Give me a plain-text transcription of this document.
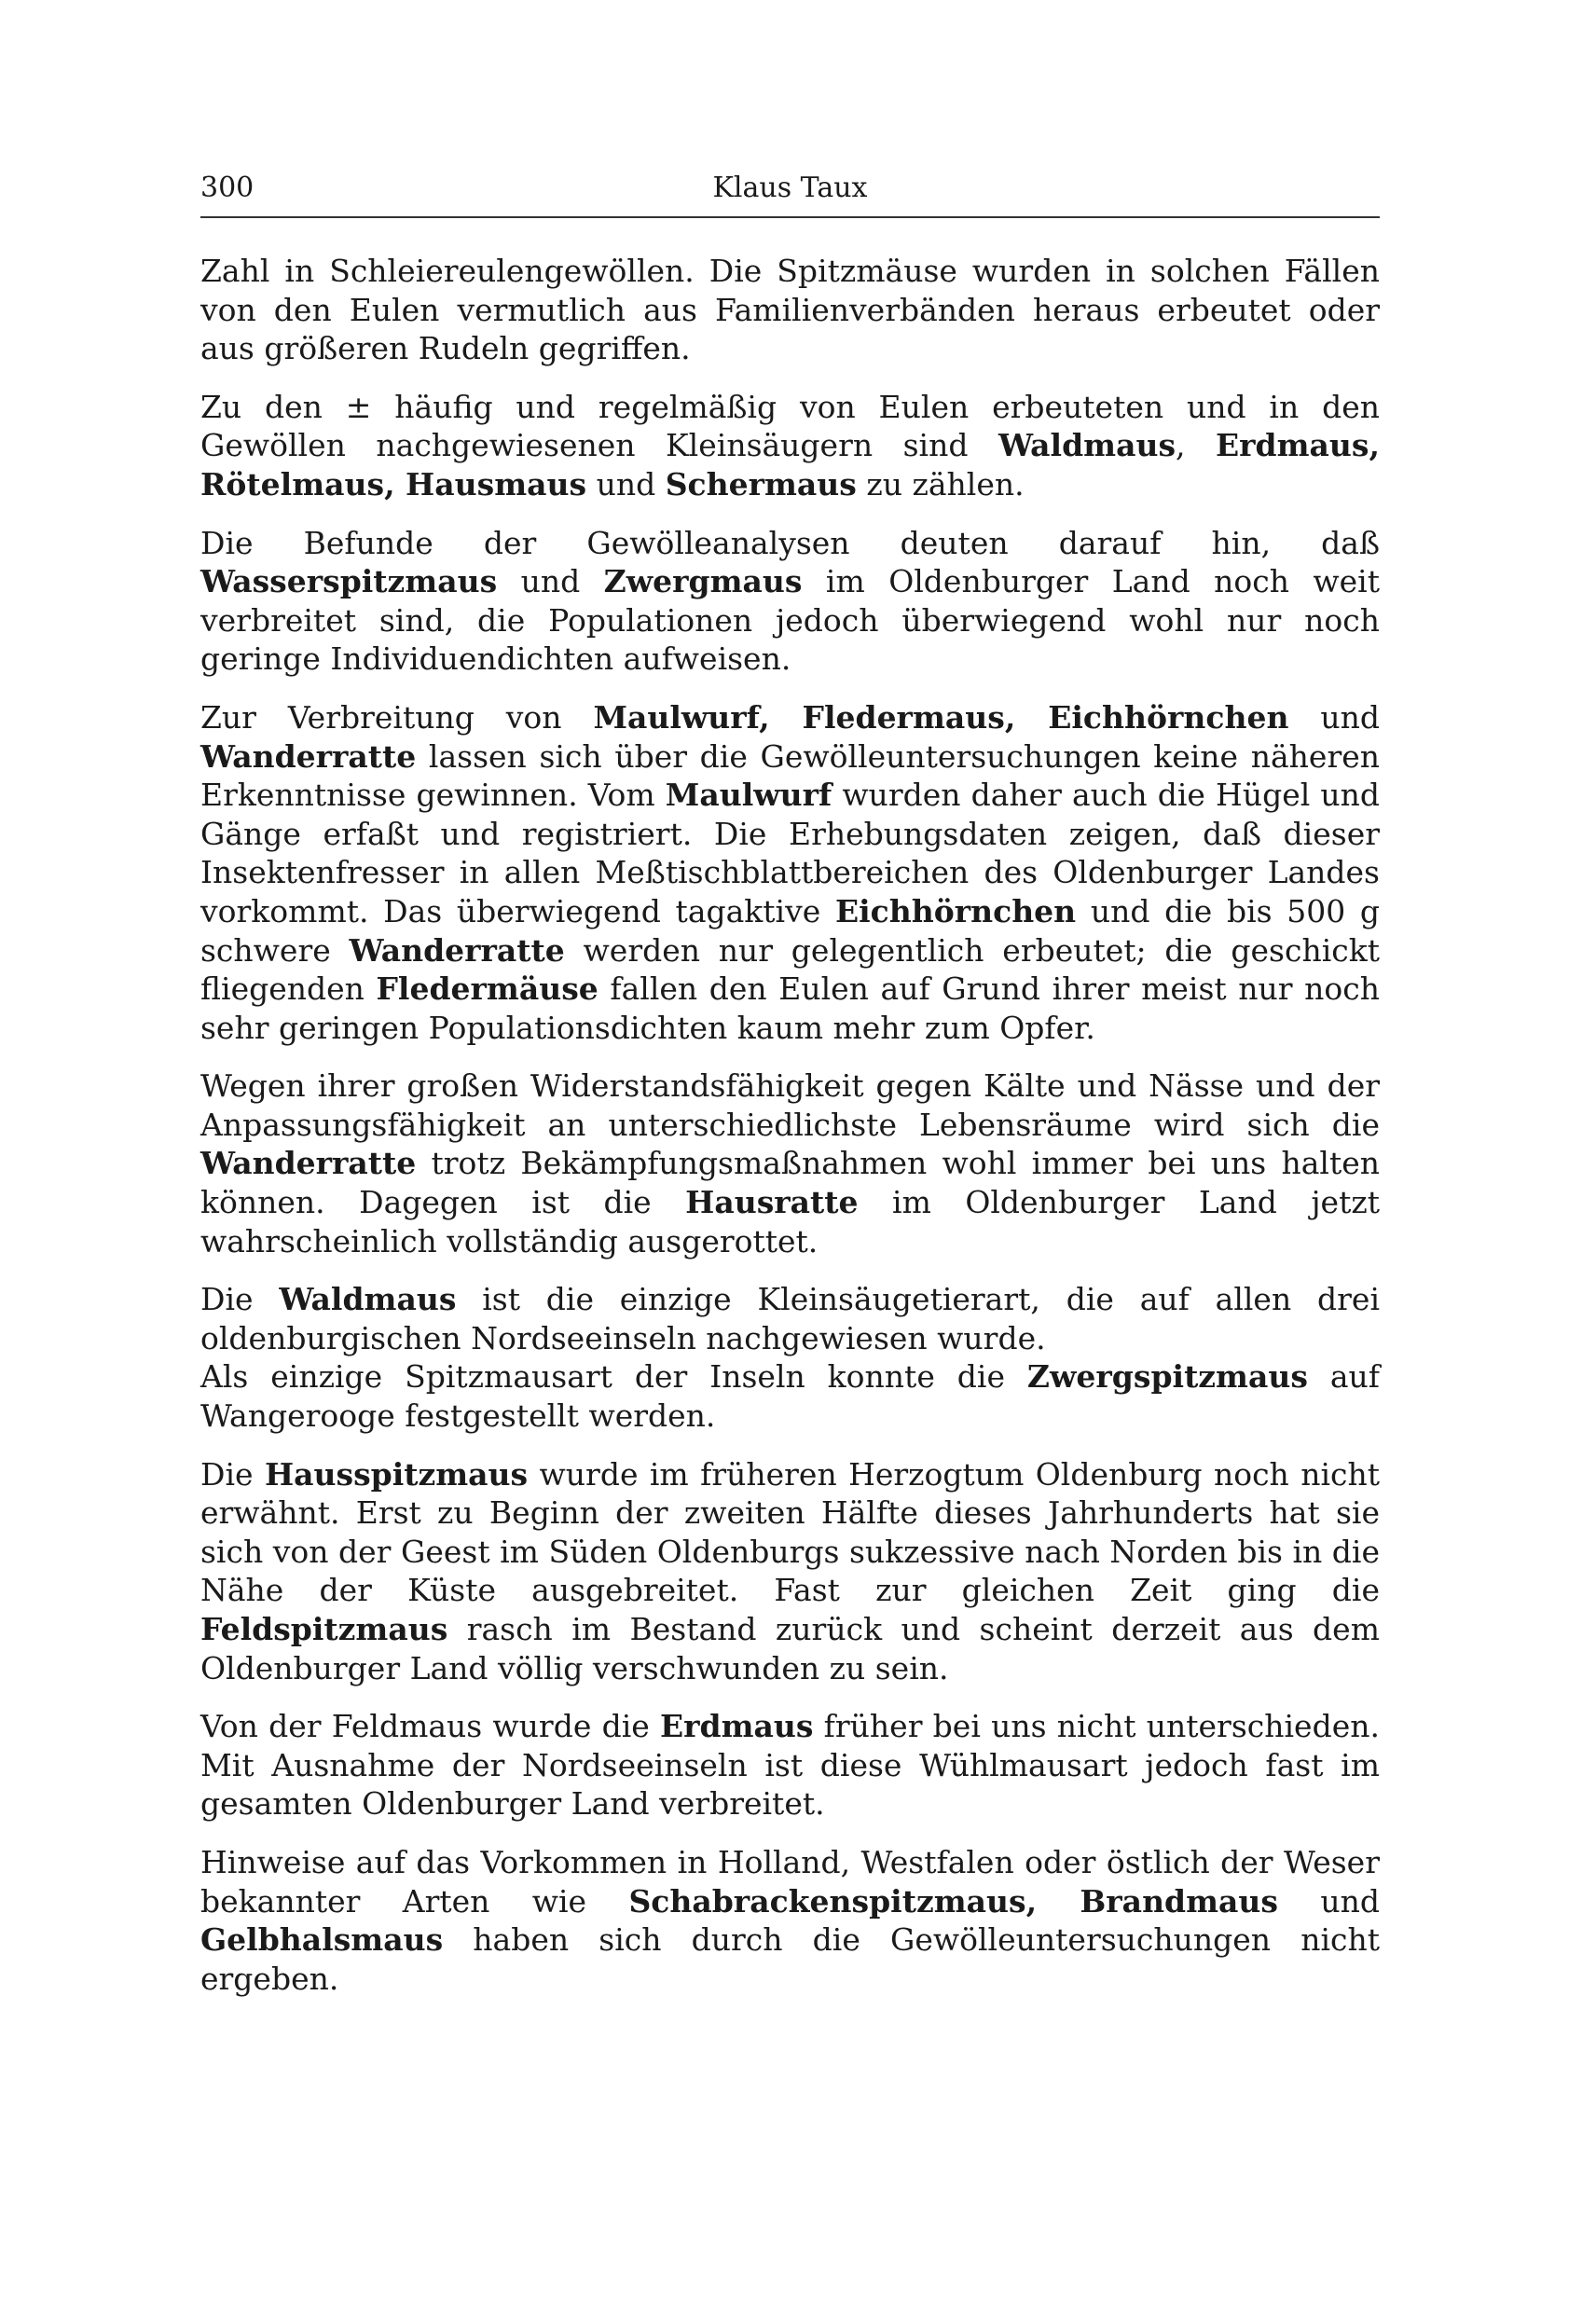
300	Klaus Taux

Zahl in Schleiereulengewöllen. Die Spitzmäuse wurden in solchen Fällen von den Eulen vermutlich aus Familienverbänden heraus erbeutet oder aus größeren Rudeln gegriffen.

Zu den ± häufig und regelmäßig von Eulen erbeuteten und in den Gewöllen nachgewiesenen Kleinsäugern sind Waldmaus, Erdmaus, Rötelmaus, Hausmaus und Schermaus zu zählen.

Die Befunde der Gewölleanalysen deuten darauf hin, daß Wasserspitzmaus und Zwergmaus im Oldenburger Land noch weit verbreitet sind, die Populationen jedoch überwiegend wohl nur noch geringe Individuendichten aufweisen.

Zur Verbreitung von Maulwurf, Fledermaus, Eichhörnchen und Wanderratte lassen sich über die Gewölleuntersuchungen keine näheren Erkenntnisse gewinnen. Vom Maulwurf wurden daher auch die Hügel und Gänge erfaßt und registriert. Die Erhebungsdaten zeigen, daß dieser Insektenfresser in allen Meßtischblattbereichen des Oldenburger Landes vorkommt. Das überwiegend tagaktive Eichhörnchen und die bis 500 g schwere Wanderratte werden nur gelegentlich erbeutet; die geschickt fliegenden Fledermäuse fallen den Eulen auf Grund ihrer meist nur noch sehr geringen Populationsdichten kaum mehr zum Opfer.

Wegen ihrer großen Widerstandsfähigkeit gegen Kälte und Nässe und der Anpassungsfähigkeit an unterschiedlichste Lebensräume wird sich die Wanderratte trotz Bekämpfungsmaßnahmen wohl immer bei uns halten können. Dagegen ist die Hausratte im Oldenburger Land jetzt wahrscheinlich vollständig ausgerottet.

Die Waldmaus ist die einzige Kleinsäugetierart, die auf allen drei oldenburgischen Nordseeinseln nachgewiesen wurde.

Als einzige Spitzmausart der Inseln konnte die Zwergspitzmaus auf Wangerooge festgestellt werden.

Die Hausspitzmaus wurde im früheren Herzogtum Oldenburg noch nicht erwähnt. Erst zu Beginn der zweiten Hälfte dieses Jahrhunderts hat sie sich von der Geest im Süden Oldenburgs sukzessive nach Norden bis in die Nähe der Küste ausgebreitet. Fast zur gleichen Zeit ging die Feldspitzmaus rasch im Bestand zurück und scheint derzeit aus dem Oldenburger Land völlig verschwunden zu sein.

Von der Feldmaus wurde die Erdmaus früher bei uns nicht unterschieden. Mit Ausnahme der Nordseeinseln ist diese Wühlmausart jedoch fast im gesamten Oldenburger Land verbreitet.

Hinweise auf das Vorkommen in Holland, Westfalen oder östlich der Weser bekannter Arten wie Schabrackenspitzmaus, Brandmaus und Gelbhalsmaus haben sich durch die Gewölleuntersuchungen nicht ergeben.
